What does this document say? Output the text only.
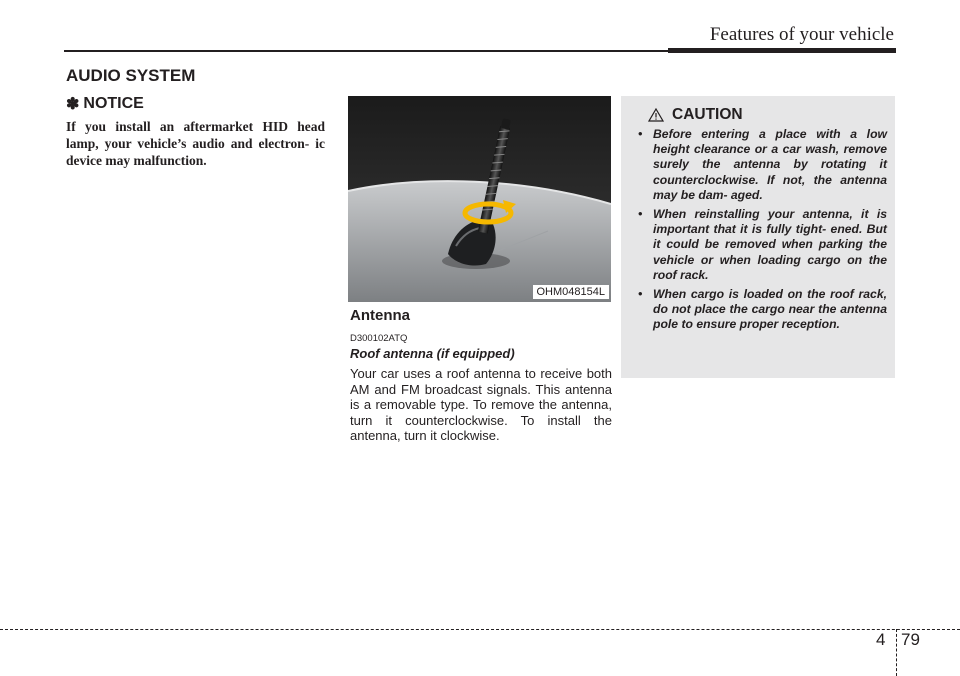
Features of your vehicle
AUDIO SYSTEM
✽ NOTICE
If you install an aftermarket HID head lamp, your vehicle’s audio and electron- ic device may malfunction.
OHM048154L
Antenna
D300102ATQ
Roof antenna (if equipped)
Your car uses a roof antenna to receive both AM and FM broadcast signals. This antenna is a removable type. To remove the antenna, turn it counterclockwise. To install the antenna, turn it clockwise.
CAUTION
• Before entering a place with a low height clearance or a car wash, remove surely the antenna by rotating it counterclockwise. If not, the antenna may be dam- aged.
• When reinstalling your antenna, it is important that it is fully tight- ened. But it could be removed when parking the vehicle or when loading cargo on the roof rack.
• When cargo is loaded on the roof rack, do not place the cargo near the antenna pole to ensure proper reception.
4 79
